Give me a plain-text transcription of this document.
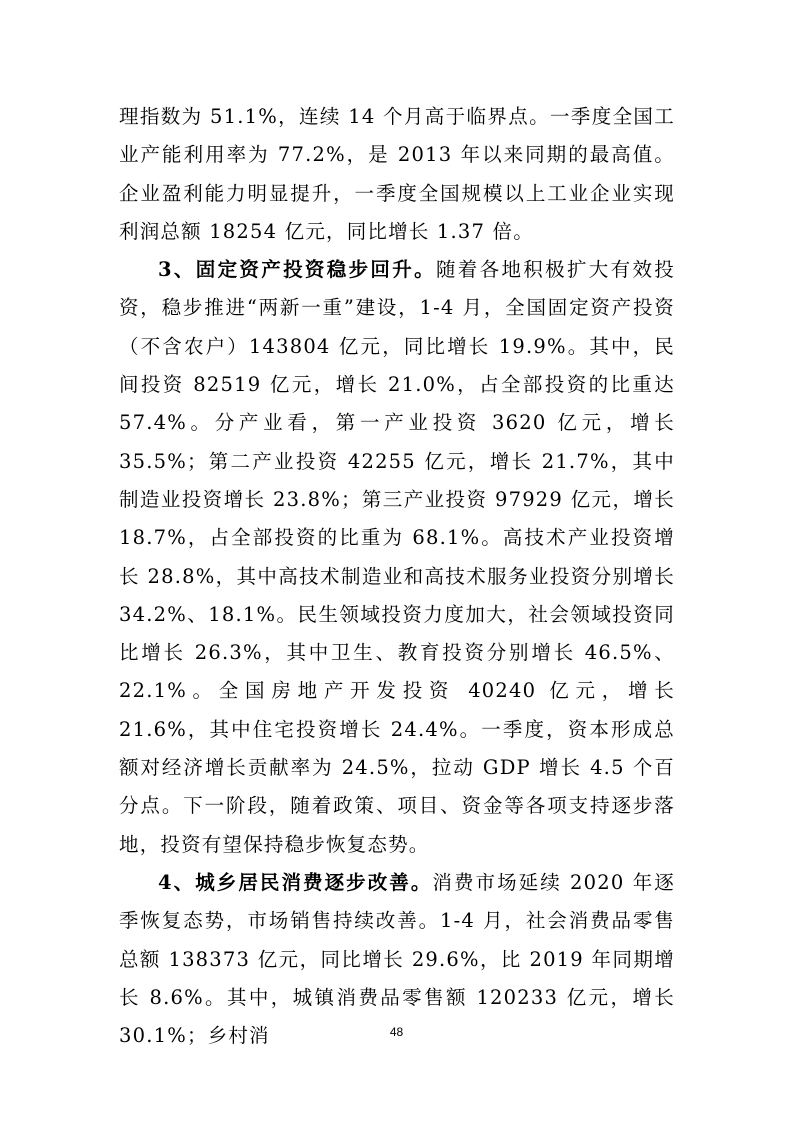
理指数为 51.1%，连续 14 个月高于临界点。一季度全国工业产能利用率为 77.2%，是 2013 年以来同期的最高值。企业盈利能力明显提升，一季度全国规模以上工业企业实现利润总额 18254 亿元，同比增长 1.37 倍。

3、固定资产投资稳步回升。随着各地积极扩大有效投资，稳步推进“两新一重”建设，1-4 月，全国固定资产投资（不含农户）143804 亿元，同比增长 19.9%。其中，民间投资 82519 亿元，增长 21.0%，占全部投资的比重达 57.4%。分产业看，第一产业投资 3620 亿元，增长 35.5%；第二产业投资 42255 亿元，增长 21.7%，其中制造业投资增长 23.8%；第三产业投资 97929 亿元，增长 18.7%，占全部投资的比重为 68.1%。高技术产业投资增长 28.8%，其中高技术制造业和高技术服务业投资分别增长 34.2%、18.1%。民生领域投资力度加大，社会领域投资同比增长 26.3%，其中卫生、教育投资分别增长 46.5%、22.1%。全国房地产开发投资 40240 亿元，增长 21.6%，其中住宅投资增长 24.4%。一季度，资本形成总额对经济增长贡献率为 24.5%，拉动 GDP 增长 4.5 个百分点。下一阶段，随着政策、项目、资金等各项支持逐步落地，投资有望保持稳步恢复态势。

4、城乡居民消费逐步改善。消费市场延续 2020 年逐季恢复态势，市场销售持续改善。1-4 月，社会消费品零售总额 138373 亿元，同比增长 29.6%，比 2019 年同期增长 8.6%。其中，城镇消费品零售额 120233 亿元，增长 30.1%；乡村消	48
